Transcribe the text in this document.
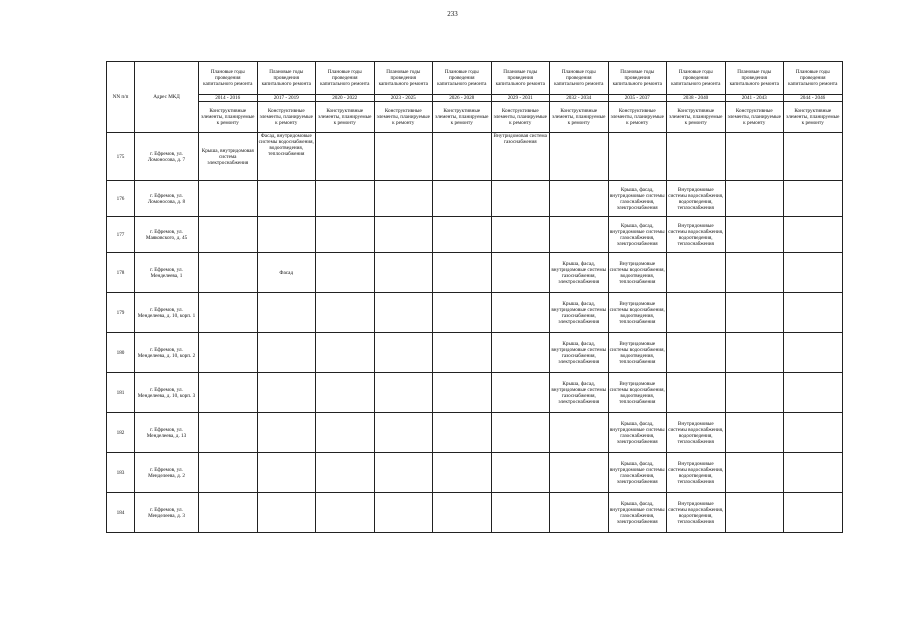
233
NN п/п	Адрес МКД	Плановые годы проведения капитального ремонта	Плановые годы проведения капитального ремонта	Плановые годы проведения капитального ремонта	Плановые годы проведения капитального ремонта	Плановые годы проведения капитального ремонта	Плановые годы проведения капитального ремонта	Плановые годы проведения капитального ремонта	Плановые годы проведения капитального ремонта	Плановые годы проведения капитального ремонта	Плановые годы проведения капитального ремонта	Плановые годы проведения капитального ремонта
		2014 - 2016	2017 - 2019	2020 - 2022	2023 - 2025	2026 - 2028	2029 - 2031	2032 - 2034	2035 - 2037	2038 - 2040	2041 - 2043	2044 - 2046
		Конструктивные элементы, планируемые к ремонту	Конструктивные элементы, планируемые к ремонту	Конструктивные элементы, планируемые к ремонту	Конструктивные элементы, планируемые к ремонту	Конструктивные элементы, планируемые к ремонту	Конструктивные элементы, планируемые к ремонту	Конструктивные элементы, планируемые к ремонту	Конструктивные элементы, планируемые к ремонту	Конструктивные элементы, планируемые к ремонту	Конструктивные элементы, планируемые к ремонту	Конструктивные элементы, планируемые к ремонту
175	г. Ефремов, ул. Ломоносова, д. 7	Крыша, внутридомовая система электроснабжения	Фасад, внутридомовые системы водоснабжения, водоотведения, теплоснабжения				Внутридомовая система газоснабжения					
176	г. Ефремов, ул. Ломоносова, д. 8								Крыша, фасад, внутридомовые системы газоснабжения, электроснабжения	Внутридомовые системы водоснабжения, водоотведения, теплоснабжения		
177	г. Ефремов, ул. Маяковского, д. 45								Крыша, фасад, внутридомовые системы газоснабжения, электроснабжения	Внутридомовые системы водоснабжения, водоотведения, теплоснабжения		
178	г. Ефремов, ул. Менделеева, 1		Фасад					Крыша, фасад, внутридомовые системы газоснабжения, электроснабжения	Внутридомовые системы водоснабжения, водоотведения, теплоснабжения			
179	г. Ефремов, ул. Менделеева, д. 10, корп. 1							Крыша, фасад, внутридомовые системы газоснабжения, электроснабжения	Внутридомовые системы водоснабжения, водоотведения, теплоснабжения			
180	г. Ефремов, ул. Менделеева, д. 10, корп. 2							Крыша, фасад, внутридомовые системы газоснабжения, электроснабжения	Внутридомовые системы водоснабжения, водоотведения, теплоснабжения			
181	г. Ефремов, ул. Менделеева, д. 10, корп. 3							Крыша, фасад, внутридомовые системы газоснабжения, электроснабжения	Внутридомовые системы водоснабжения, водоотведения, теплоснабжения			
182	г. Ефремов, ул. Менделеева, д. 13								Крыша, фасад, внутридомовые системы газоснабжения, электроснабжения	Внутридомовые системы водоснабжения, водоотведения, теплоснабжения		
183	г. Ефремов, ул. Менделеева, д. 2								Крыша, фасад, внутридомовые системы газоснабжения, электроснабжения	Внутридомовые системы водоснабжения, водоотведения, теплоснабжения		
184	г. Ефремов, ул. Менделеева, д. 3								Крыша, фасад, внутридомовые системы газоснабжения, электроснабжения	Внутридомовые системы водоснабжения, водоотведения, теплоснабжения		
